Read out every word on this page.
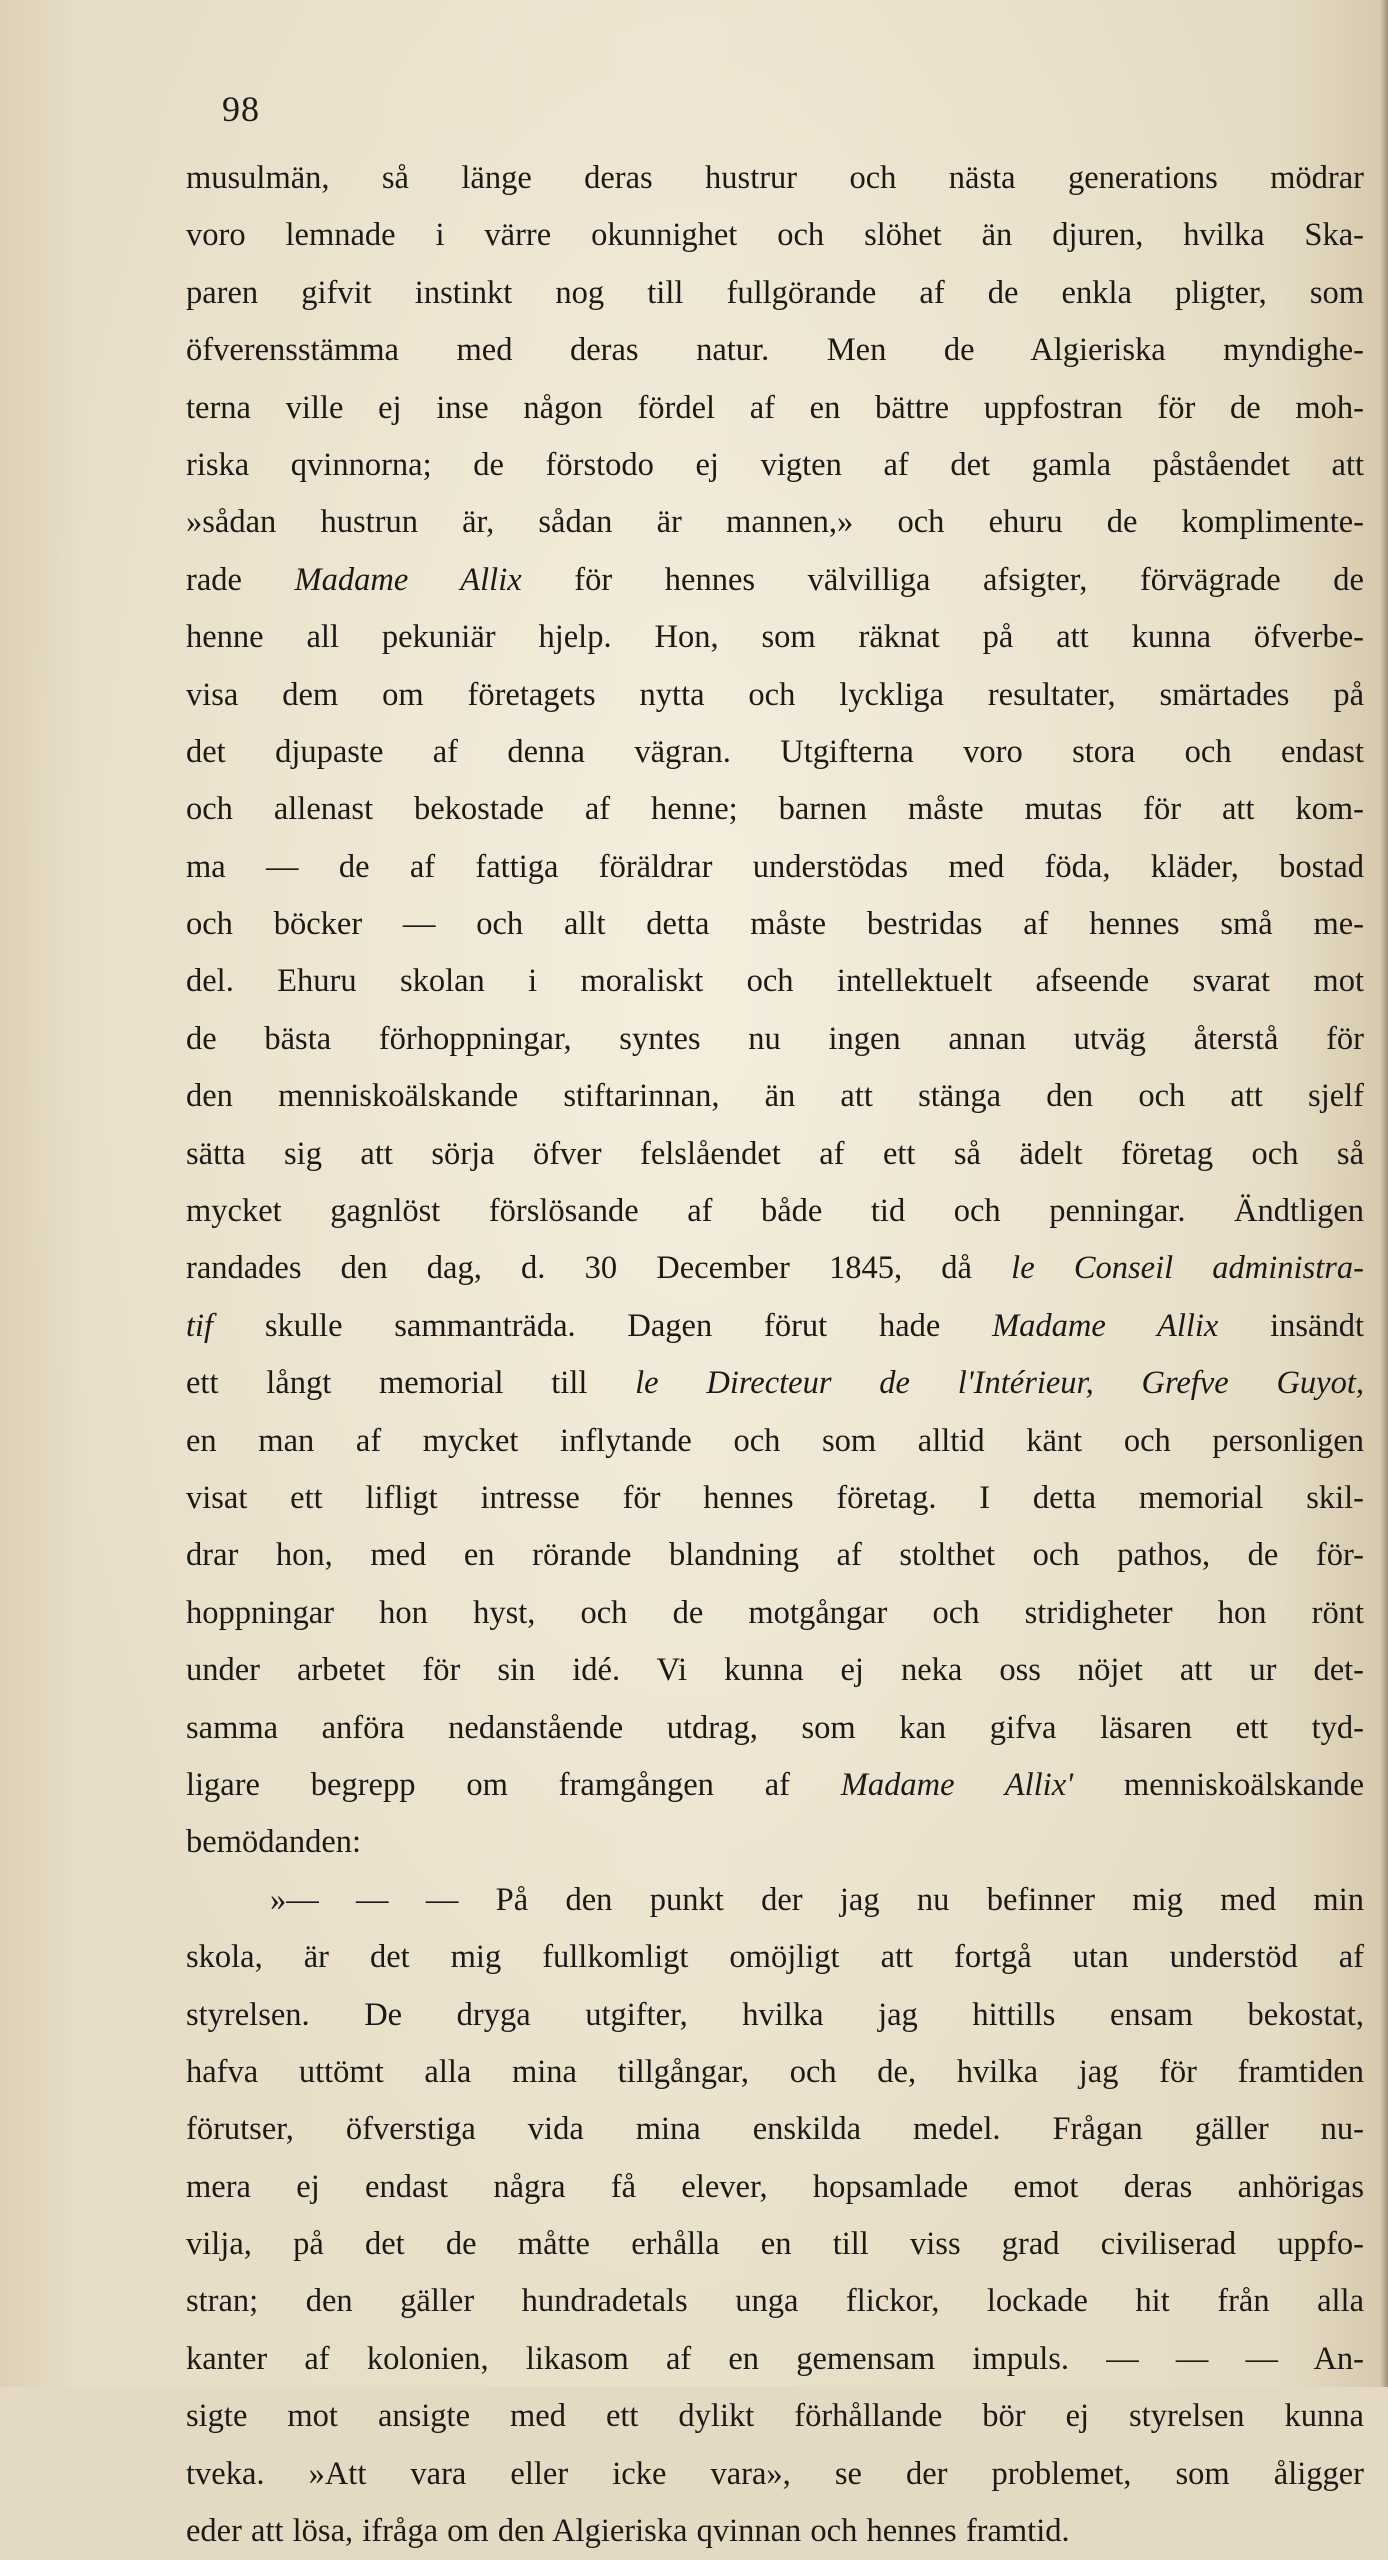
98
musulmän, så länge deras hustrur och nästa generations mödrar
voro lemnade i värre okunnighet och slöhet än djuren, hvilka Ska-
paren gifvit instinkt nog till fullgörande af de enkla pligter, som
öfverensstämma med deras natur. Men de Algieriska myndighe-
terna ville ej inse någon fördel af en bättre uppfostran för de moh-
riska qvinnorna; de förstodo ej vigten af det gamla påståendet att
»sådan hustrun är, sådan är mannen,» och ehuru de komplimente-
rade Madame Allix för hennes välvilliga afsigter, förvägrade de
henne all pekuniär hjelp. Hon, som räknat på att kunna öfverbe-
visa dem om företagets nytta och lyckliga resultater, smärtades på
det djupaste af denna vägran. Utgifterna voro stora och endast
och allenast bekostade af henne; barnen måste mutas för att kom-
ma — de af fattiga föräldrar understödas med föda, kläder, bostad
och böcker — och allt detta måste bestridas af hennes små me-
del. Ehuru skolan i moraliskt och intellektuelt afseende svarat mot
de bästa förhoppningar, syntes nu ingen annan utväg återstå för
den menniskoälskande stiftarinnan, än att stänga den och att sjelf
sätta sig att sörja öfver felslåendet af ett så ädelt företag och så
mycket gagnlöst förslösande af både tid och penningar. Ändtligen
randades den dag, d. 30 December 1845, då le Conseil administra-
tif skulle sammanträda. Dagen förut hade Madame Allix insändt
ett långt memorial till le Directeur de l'Intérieur, Grefve Guyot,
en man af mycket inflytande och som alltid känt och personligen
visat ett lifligt intresse för hennes företag. I detta memorial skil-
drar hon, med en rörande blandning af stolthet och pathos, de för-
hoppningar hon hyst, och de motgångar och stridigheter hon rönt
under arbetet för sin idé. Vi kunna ej neka oss nöjet att ur det-
samma anföra nedanstående utdrag, som kan gifva läsaren ett tyd-
ligare begrepp om framgången af Madame Allix' menniskoälskande
bemödanden:
»— — — På den punkt der jag nu befinner mig med min
skola, är det mig fullkomligt omöjligt att fortgå utan understöd af
styrelsen. De dryga utgifter, hvilka jag hittills ensam bekostat,
hafva uttömt alla mina tillgångar, och de, hvilka jag för framtiden
förutser, öfverstiga vida mina enskilda medel. Frågan gäller nu-
mera ej endast några få elever, hopsamlade emot deras anhörigas
vilja, på det de måtte erhålla en till viss grad civiliserad uppfo-
stran; den gäller hundradetals unga flickor, lockade hit från alla
kanter af kolonien, likasom af en gemensam impuls. — — — An-
sigte mot ansigte med ett dylikt förhållande bör ej styrelsen kunna
tveka. »Att vara eller icke vara», se der problemet, som åligger
eder att lösa, ifråga om den Algieriska qvinnan och hennes framtid.
